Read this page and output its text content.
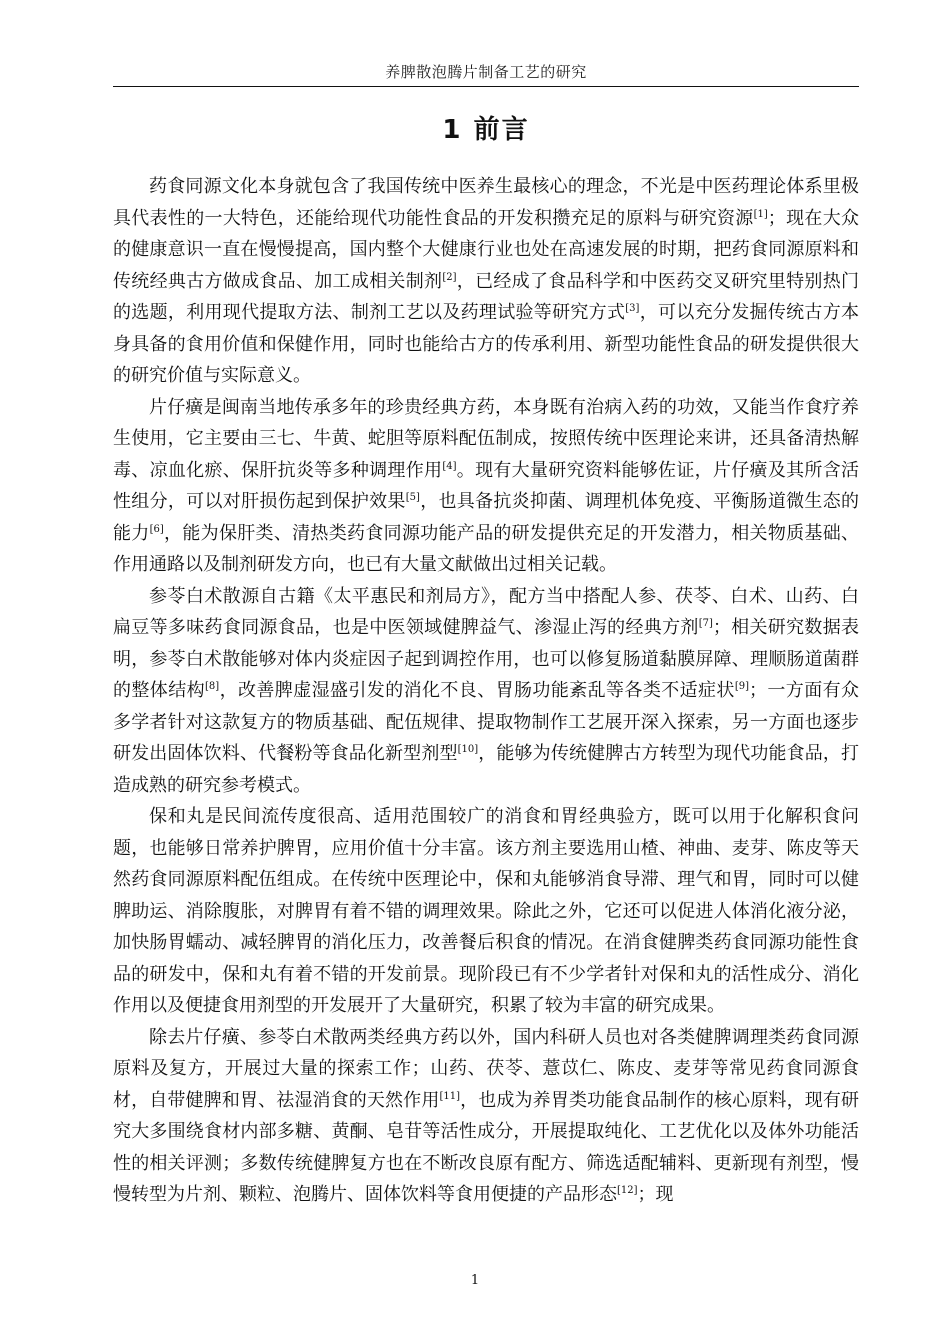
养脾散泡腾片制备工艺的研究
1 前言

药食同源文化本身就包含了我国传统中医养生最核心的理念，不光是中医药理论体系里极具代表性的一大特色，还能给现代功能性食品的开发积攒充足的原料与研究资源[1]；现在大众的健康意识一直在慢慢提高，国内整个大健康行业也处在高速发展的时期，把药食同源原料和传统经典古方做成食品、加工成相关制剂[2]，已经成了食品科学和中医药交叉研究里特别热门的选题，利用现代提取方法、制剂工艺以及药理试验等研究方式[3]，可以充分发掘传统古方本身具备的食用价值和保健作用，同时也能给古方的传承利用、新型功能性食品的研发提供很大的研究价值与实际意义。

片仔癀是闽南当地传承多年的珍贵经典方药，本身既有治病入药的功效，又能当作食疗养生使用，它主要由三七、牛黄、蛇胆等原料配伍制成，按照传统中医理论来讲，还具备清热解毒、凉血化瘀、保肝抗炎等多种调理作用[4]。现有大量研究资料能够佐证，片仔癀及其所含活性组分，可以对肝损伤起到保护效果[5]，也具备抗炎抑菌、调理机体免疫、平衡肠道微生态的能力[6]，能为保肝类、清热类药食同源功能产品的研发提供充足的开发潜力，相关物质基础、作用通路以及制剂研发方向，也已有大量文献做出过相关记载。

参苓白术散源自古籍《太平惠民和剂局方》，配方当中搭配人参、茯苓、白术、山药、白扁豆等多味药食同源食品，也是中医领域健脾益气、渗湿止泻的经典方剂[7]；相关研究数据表明，参苓白术散能够对体内炎症因子起到调控作用，也可以修复肠道黏膜屏障、理顺肠道菌群的整体结构[8]，改善脾虚湿盛引发的消化不良、胃肠功能紊乱等各类不适症状[9]；一方面有众多学者针对这款复方的物质基础、配伍规律、提取物制作工艺展开深入探索，另一方面也逐步研发出固体饮料、代餐粉等食品化新型剂型[10]，能够为传统健脾古方转型为现代功能食品，打造成熟的研究参考模式。

保和丸是民间流传度很高、适用范围较广的消食和胃经典验方，既可以用于化解积食问题，也能够日常养护脾胃，应用价值十分丰富。该方剂主要选用山楂、神曲、麦芽、陈皮等天然药食同源原料配伍组成。在传统中医理论中，保和丸能够消食导滞、理气和胃，同时可以健脾助运、消除腹胀，对脾胃有着不错的调理效果。除此之外，它还可以促进人体消化液分泌，加快肠胃蠕动、减轻脾胃的消化压力，改善餐后积食的情况。在消食健脾类药食同源功能性食品的研发中，保和丸有着不错的开发前景。现阶段已有不少学者针对保和丸的活性成分、消化作用以及便捷食用剂型的开发展开了大量研究，积累了较为丰富的研究成果。

除去片仔癀、参苓白术散两类经典方药以外，国内科研人员也对各类健脾调理类药食同源原料及复方，开展过大量的探索工作；山药、茯苓、薏苡仁、陈皮、麦芽等常见药食同源食材，自带健脾和胃、祛湿消食的天然作用[11]，也成为养胃类功能食品制作的核心原料，现有研究大多围绕食材内部多糖、黄酮、皂苷等活性成分，开展提取纯化、工艺优化以及体外功能活性的相关评测；多数传统健脾复方也在不断改良原有配方、筛选适配辅料、更新现有剂型，慢慢转型为片剂、颗粒、泡腾片、固体饮料等食用便捷的产品形态[12]；现

1
